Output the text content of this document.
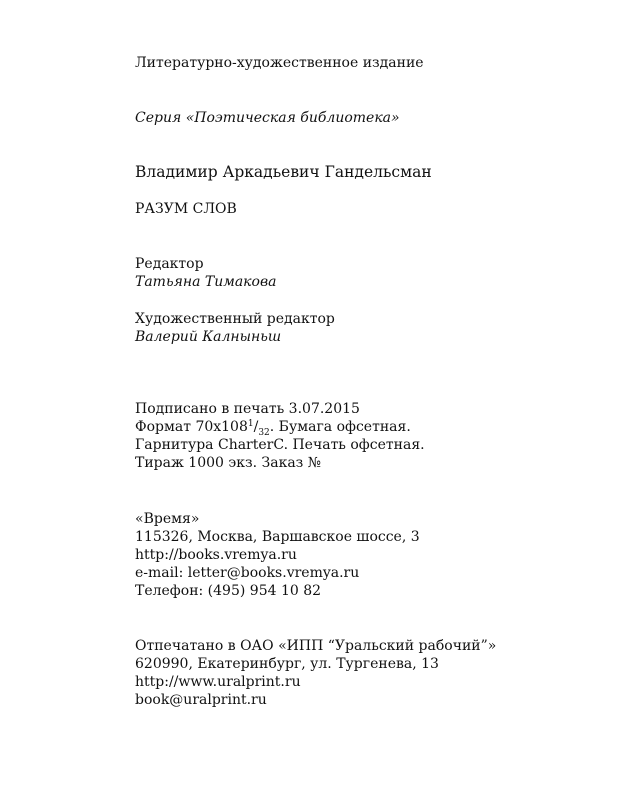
Литературно-художественное издание

Серия «Поэтическая библиотека»

Владимир Аркадьевич Гандельсман

РАЗУМ СЛОВ

Редактор

Татьяна Тимакова

Художественный редактор

Валерий Калныньш

Подписано в печать 3.07.2015

Формат $70х108^1/_{32}$. Бумага офсетная.

Гарнитура CharterC. Печать офсетная.

Тираж 1000 экз. Заказ №

«Время»

115326, Москва, Варшавское шоссе, 3

http://books.vremya.ru

e-mail: letter@books.vremya.ru

Телефон: (495) 954 10 82

Отпечатано в ОАО «ИПП “Уральский рабочий”»

620990, Екатеринбург, ул. Тургенева, 13

http://www.uralprint.ru

book@uralprint.ru
